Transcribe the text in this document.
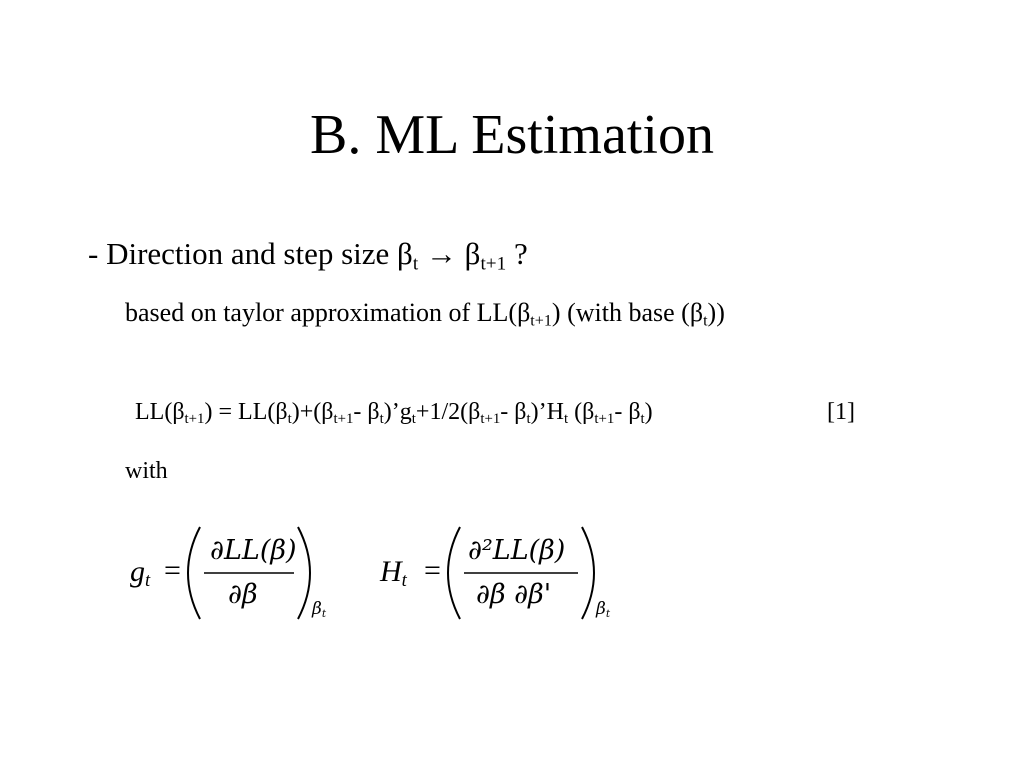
B. ML Estimation
- Direction and step size $\beta_t \to \beta_{t+1}$ ?
based on taylor approximation of $LL(\beta_{t+1})$ (with base $(\beta_t)$)
$LL(\beta_{t+1}) = LL(\beta_t)+(\beta_{t+1}-$ $\beta_t)’g_t+1/2(\beta_{t+1}-$ $\beta_t)’H_t$ ($\beta_{t+1}-$ $\beta_t$)	[1]
with
$g_t$ =
∂LL(β)
∂β	$\beta_t$
$H_t$ =
∂²LL(β)
∂β ∂β'	$\beta_t$
